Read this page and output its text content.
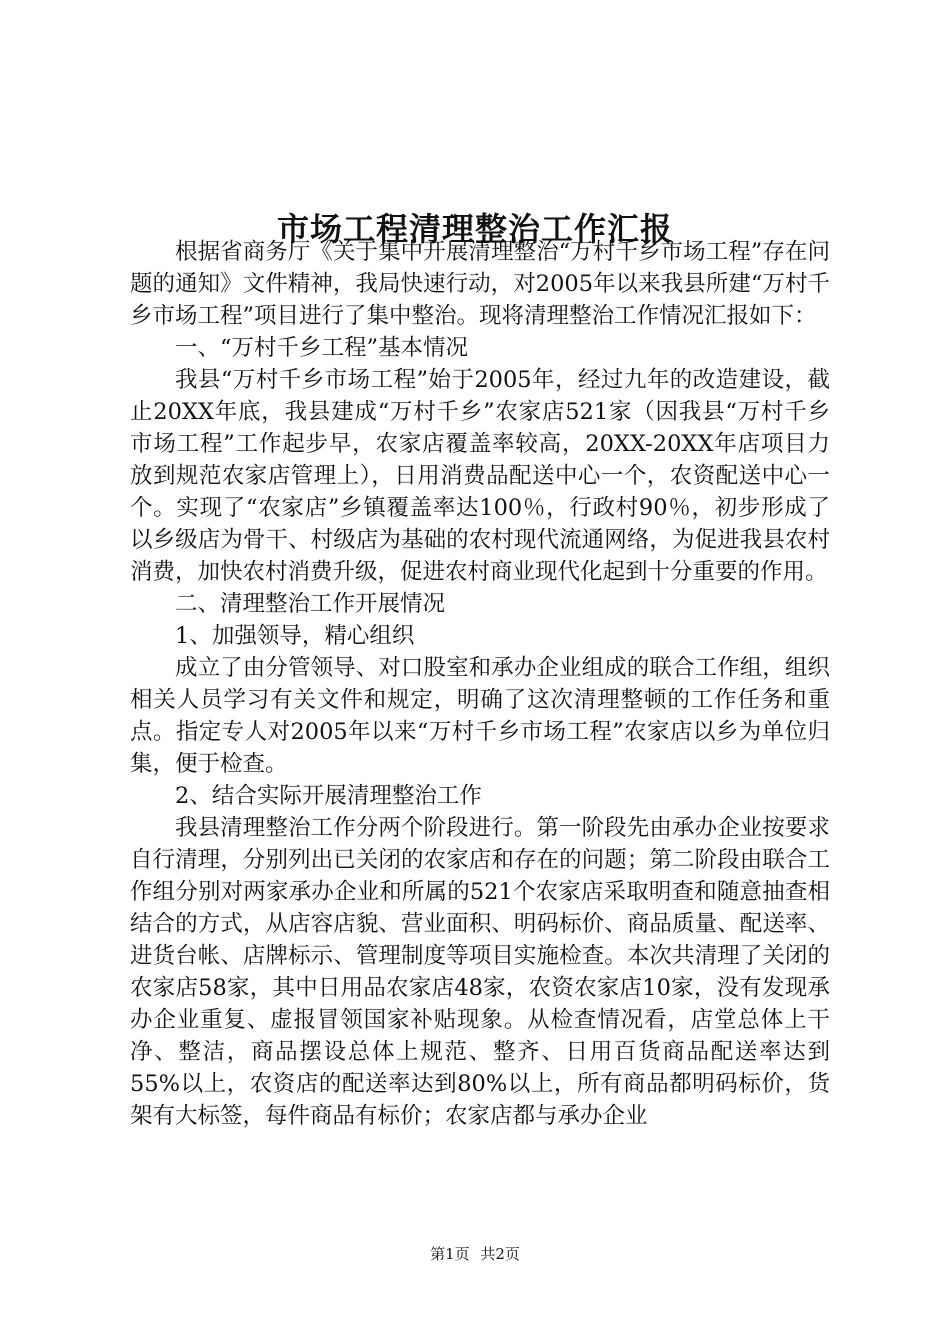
市场工程清理整治工作汇报

根据省商务厅《关于集中开展清理整治“万村千乡市场工程”存在问题的通知》文件精神，我局快速行动，对2005年以来我县所建“万村千乡市场工程”项目进行了集中整治。现将清理整治工作情况汇报如下：

一、“万村千乡工程”基本情况

我县“万村千乡市场工程”始于2005年，经过九年的改造建设，截止20XX年底，我县建成“万村千乡”农家店521家（因我县“万村千乡市场工程”工作起步早，农家店覆盖率较高，20XX-20XX年店项目力放到规范农家店管理上），日用消费品配送中心一个，农资配送中心一个。实现了“农家店”乡镇覆盖率达100％，行政村90％，初步形成了以乡级店为骨干、村级店为基础的农村现代流通网络，为促进我县农村消费，加快农村消费升级，促进农村商业现代化起到十分重要的作用。

二、清理整治工作开展情况

1、加强领导，精心组织

成立了由分管领导、对口股室和承办企业组成的联合工作组，组织相关人员学习有关文件和规定，明确了这次清理整顿的工作任务和重点。指定专人对2005年以来“万村千乡市场工程”农家店以乡为单位归集，便于检查。

2、结合实际开展清理整治工作

我县清理整治工作分两个阶段进行。第一阶段先由承办企业按要求自行清理，分别列出已关闭的农家店和存在的问题；第二阶段由联合工作组分别对两家承办企业和所属的521个农家店采取明查和随意抽查相结合的方式，从店容店貌、营业面积、明码标价、商品质量、配送率、进货台帐、店牌标示、管理制度等项目实施检查。本次共清理了关闭的农家店58家，其中日用品农家店48家，农资农家店10家，没有发现承办企业重复、虚报冒领国家补贴现象。从检查情况看，店堂总体上干净、整洁，商品摆设总体上规范、整齐、日用百货商品配送率达到55%以上，农资店的配送率达到80%以上，所有商品都明码标价，货架有大标签，每件商品有标价；农家店都与承办企业

第1页 共2页
